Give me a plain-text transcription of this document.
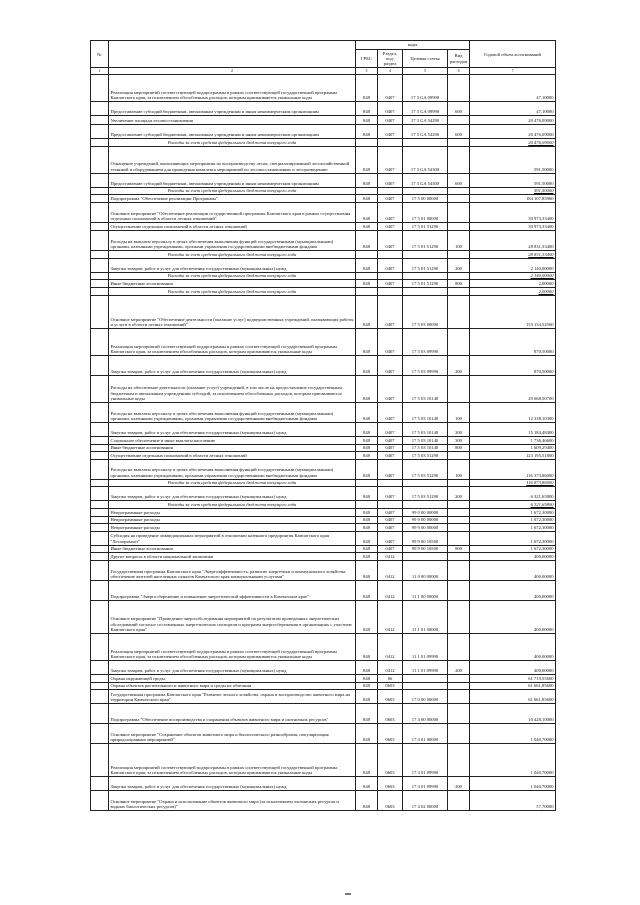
№		коды				Годовой объем ассигнований
		ГРБС	Раздел, под-раздел	Целевая статья	Вид расходов	
1	2	3	4	5	6	7
	Реализация мероприятий соответствующей подпрограммы в рамках соответствующей государственной программы Камчатского края, за исключением обособленных расходов, которым присваиваются уникальные коды	848	0407	17 3 GA 09990		47,10000
	Предоставление субсидий бюджетным, автономным учреждениям и иным некоммерческим организациям	848	0407	17 3 GA 09990	600	47,10000
	Увеличение площади лесовосстановления	848	0407	17 3 GA 54290		20 476,09000
	Предоставление субсидий бюджетным, автономным учреждениям и иным некоммерческим организациям	848	0407	17 3 GA 54290	600	20 476,09000
	Расходы за счет средств федерального бюджета текущего года					20 476,09000
	Оснащение учреждений, выполняющих мероприятия по воспроизводству лесов, специализированной лесохозяйственной техникой и оборудованием для проведения комплекса мероприятий по лесовосстановлению и лесоразведению	848	0407	17 3 GA 54300		591,50000
	Предоставление субсидий бюджетным, автономным учреждениям и иным некоммерческим организациям	848	0407	17 3 GA 54300	600	591,50000
	Расходы за счет средств федерального бюджета текущего года					591,50000
	Подпрограмма "Обеспечение реализации Программы"	848	0407	17 5 00 00000		184 107,85960
	Основное мероприятие "Обеспечение реализации государственной программы Камчатского края в рамках осуществления отдельных полномочий в области лесных отношений"	848	0407	17 5 01 00000		30 973,33400
	Осуществление отдельных полномочий в области лесных отношений	848	0407	17 5 01 51290		30 973,33400
	Расходы на выплаты персоналу в целях обеспечения выполнения функций государственными (муниципальными) органами, казенными учреждениями, органами управления государственными внебюджетными фондами	848	0407	17 5 01 51290	100	28 831,33400
	Расходы за счет средств федерального бюджета текущего года					28 831,33400
	Закупка товаров, работ и услуг для обеспечения государственных (муниципальных) нужд	848	0407	17 5 01 51290	200	2 140,00000
	Расходы за счет средств федерального бюджета текущего года					2 140,00000
	Иные бюджетные ассигнования	848	0407	17 5 01 51290	800	2,00000
	Расходы за счет средств федерального бюджета текущего года					2,00000
	Основное мероприятие "Обеспечение деятельности (оказание услуг) подведомственных учреждений, оказывающих работы и услуги в области лесных отношений"	848	0407	17 5 03 00000		153 134,52560
	Реализация мероприятий соответствующей подпрограммы в рамках соответствующей государственной программы Камчатского края, за исключением обособленных расходов, которым присваиваются уникальные коды	848	0407	17 5 03 09990		870,50000
	Закупка товаров, работ и услуг для обеспечения государственных (муниципальных) нужд	848	0407	17 5 03 09990	200	870,50000
	Расходы на обеспечение деятельности (оказание услуг) учреждений, в том числе на предоставление государственным бюджетным и автономным учреждениям субсидий, за исключением обособленных расходов, которым присваиваются уникальные коды	848	0407	17 5 03 10140		29 668,50700
	Расходы на выплаты персоналу в целях обеспечения выполнения функций государственными (муниципальными) органами, казенными учреждениями, органами управления государственными внебюджетными фондами	848	0407	17 5 03 10140	100	12 338,10300
	Закупка товаров, работ и услуг для обеспечения государственных (муниципальных) нужд	848	0407	17 5 03 10140	200	15 184,48400
	Социальное обеспечение и иные выплаты населению	848	0407	17 5 03 10140	300	1 736,46600
	Иные бюджетные ассигнования	848	0407	17 5 03 10140	800	1 609,29400
	Осуществление отдельных полномочий в области лесных отношений	848	0407	17 5 03 51290		123 195,51800
	Расходы на выплаты персоналу в целях обеспечения выполнения функций государственными (муниципальными) органами, казенными учреждениями, органами управления государственными внебюджетными фондами	848	0407	17 5 03 51290	100	116 373,86000
	Расходы за счет средств федерального бюджета текущего года					116 873,86000
	Закупка товаров, работ и услуг для обеспечения государственных (муниципальных) нужд	848	0407	17 5 03 51290	200	6 321,65800
	Расходы за счет средств федерального бюджета текущего года					6 321,65800
	Непрограммные расходы	848	0407	99 0 00 00000		1 672,30000
	Непрограммные расходы	848	0407	99 9 00 00000		1 672,30000
	Непрограммные расходы	848	0407	99 9 00 00000		1 672,30000
	Субсидия на проведение ликвидационных мероприятий в отношении казенного предприятия Камчатского края "Лесопромхоз"	848	0407	99 9 00 10500		1 672,30000
	Иные бюджетные ассигнования	848	0407	99 9 00 10500	800	1 672,30000
	Другие вопросы в области национальной экономики	848	0412			400,00000
	Государственная программа Камчатского края "Энергоэффективность, развитие энергетики и коммунального хозяйства, обеспечение жителей населенных пунктов Камчатского края коммунальными услугами"	848	0412	11 0 00 00000		400,00000
	Подпрограмма "Энергосбережение и повышение энергетической эффективности в Камчатском крае"	848	0412	11 1 00 00000		400,00000
	Основное мероприятие "Проведение энергообследования мероприятий по результатам проведенных энергетических обследований согласно составленных энергетических паспортов и программ энергосбережения в организациях с участием Камчатского края"	848	0412	11 1 01 00000		400,00000
	Реализация мероприятий соответствующей подпрограммы в рамках соответствующей государственной программы Камчатского края, за исключением обособленных расходов, которым присваиваются уникальные коды	848	0412	11 1 01 09990		400,00000
	Закупка товаров, работ и услуг для обеспечения государственных (муниципальных) нужд	848	0412	11 1 01 09990	200	400,00000
	Охрана окружающей среды	848	06			61 719,55600
	Охрана объектов растительного и животного мира и среды их обитания	848	0603			61 661,85600
	Государственная программа Камчатского края "Развитие лесного хозяйства, охрана и воспроизводство животного мира на территории Камчатского края"	848	0603	17 0 00 00000		61 661,85600
	Подпрограмма "Обеспечение воспроизводства и сохранения объектов животного мира и охотничьих ресурсов"	848	0603	17 4 00 00000		10 428,10000
	Основное мероприятие "Сохранение объектов животного мира и биологического разнообразия, популяризация природоохранных мероприятий"	848	0603	17 4 01 00000		1 040,70000
	Реализация мероприятий соответствующей подпрограммы в рамках соответствующей государственной программы Камчатского края, за исключением обособленных расходов, которым присваиваются уникальные коды	848	0603	17 4 01 09990		1 040,70000
	Закупка товаров, работ и услуг для обеспечения государственных (муниципальных) нужд	848	0603	17 4 01 09990	200	1 040,70000
	Основное мероприятие "Охрана и использование объектов животного мира (за исключением охотничьих ресурсов и водных биологических ресурсов)"	848	0603	17 4 02 00000		57,70000
